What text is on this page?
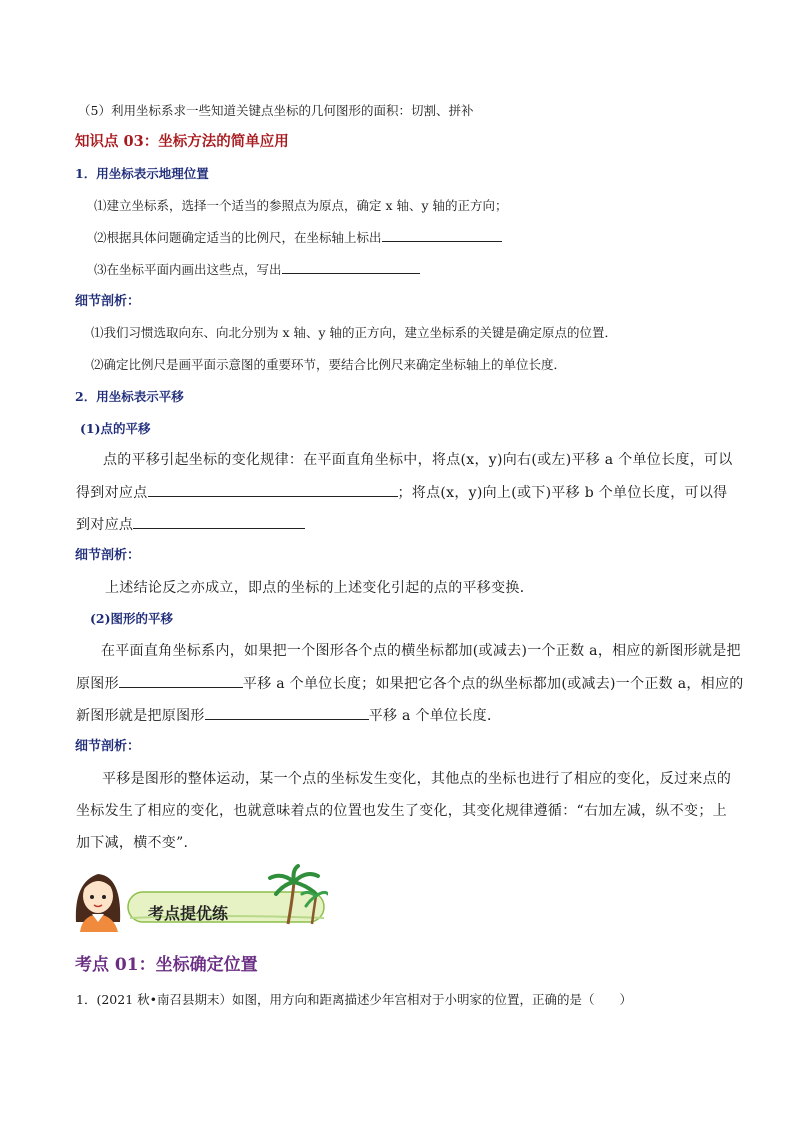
（5）利用坐标系求一些知道关键点坐标的几何图形的面积：切割、拼补
知识点 03：坐标方法的简单应用
1．用坐标表示地理位置
⑴建立坐标系，选择一个适当的参照点为原点，确定 x 轴、y 轴的正方向；
⑵根据具体问题确定适当的比例尺，在坐标轴上标出
⑶在坐标平面内画出这些点，写出
细节剖析：
⑴我们习惯选取向东、向北分别为 x 轴、y 轴的正方向，建立坐标系的关键是确定原点的位置．
⑵确定比例尺是画平面示意图的重要环节，要结合比例尺来确定坐标轴上的单位长度．
2．用坐标表示平移
(1)点的平移
点的平移引起坐标的变化规律：在平面直角坐标中，将点(x，y)向右(或左)平移 a 个单位长度，可以
得到对应点	；将点(x，y)向上(或下)平移 b 个单位长度，可以得
到对应点
细节剖析：
上述结论反之亦成立，即点的坐标的上述变化引起的点的平移变换．
(2)图形的平移
在平面直角坐标系内，如果把一个图形各个点的横坐标都加(或减去)一个正数 a，相应的新图形就是把
原图形	平移 a 个单位长度；如果把它各个点的纵坐标都加(或减去)一个正数 a，相应的
新图形就是把原图形	平移 a 个单位长度．
细节剖析：
平移是图形的整体运动，某一个点的坐标发生变化，其他点的坐标也进行了相应的变化，反过来点的
坐标发生了相应的变化，也就意味着点的位置也发生了变化，其变化规律遵循：“右加左减，纵不变；上
加下减，横不变”.
考点提优练
考点 01：坐标确定位置
1．(2021 秋•南召县期末）如图，用方向和距离描述少年宫相对于小明家的位置，正确的是（　　）
